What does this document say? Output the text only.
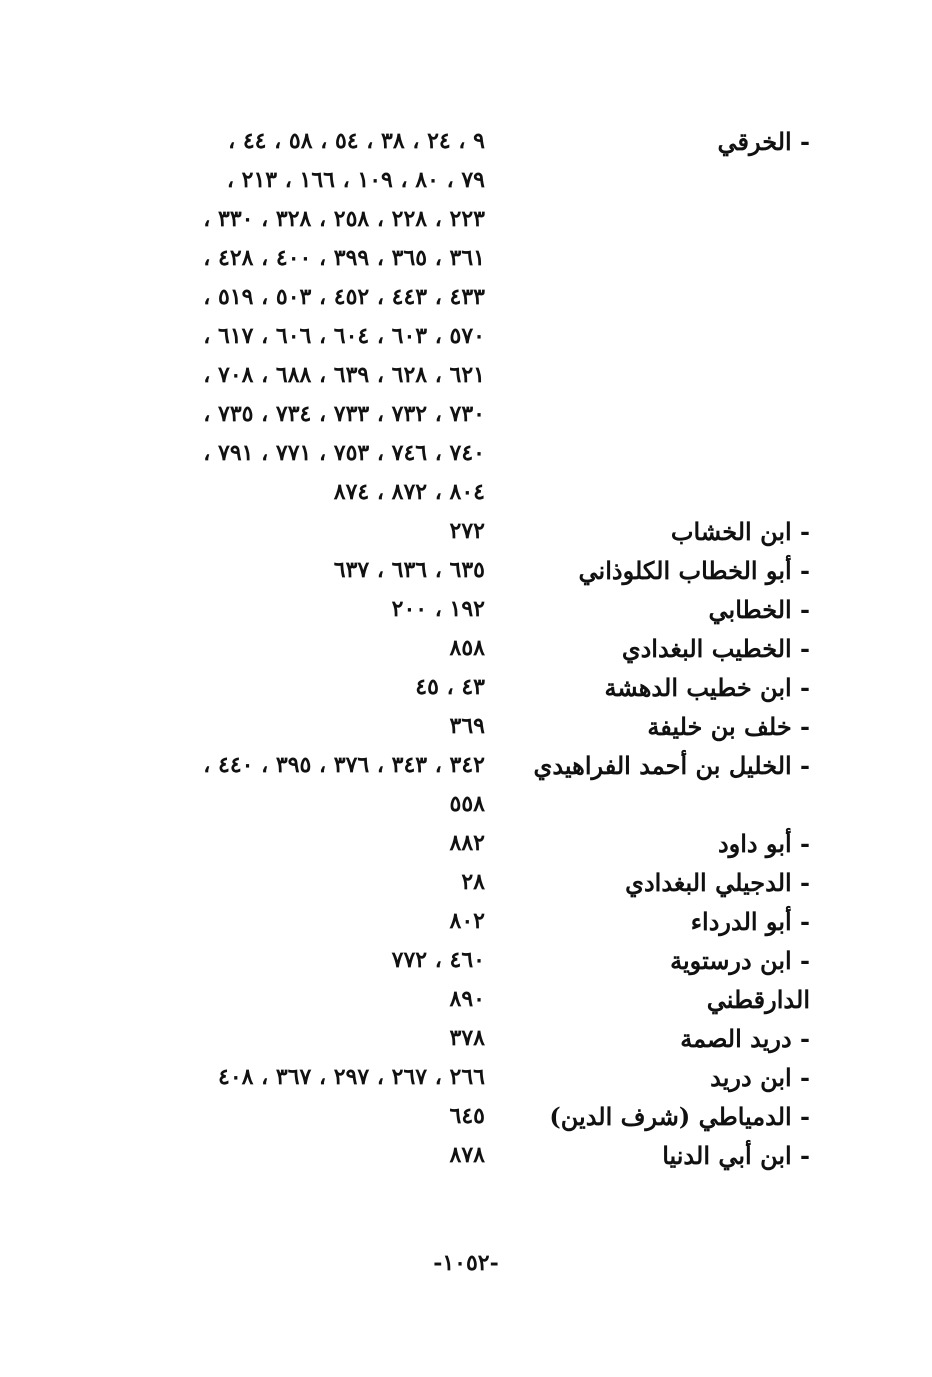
- الخرقي
٩ ، ٢٤ ، ٣٨ ، ٥٤ ، ٥٨ ، ٤٤ ،
٧٩ ، ٨٠ ، ١٠٩ ، ١٦٦ ، ٢١٣ ،
٢٢٣ ، ٢٢٨ ، ٢٥٨ ، ٣٢٨ ، ٣٣٠ ،
٣٦١ ، ٣٦٥ ، ٣٩٩ ، ٤٠٠ ، ٤٢٨ ،
٤٣٣ ، ٤٤٣ ، ٤٥٢ ، ٥٠٣ ، ٥١٩ ،
٥٧٠ ، ٦٠٣ ، ٦٠٤ ، ٦٠٦ ، ٦١٧ ،
٦٢١ ، ٦٢٨ ، ٦٣٩ ، ٦٨٨ ، ٧٠٨ ،
٧٣٠ ، ٧٣٢ ، ٧٣٣ ، ٧٣٤ ، ٧٣٥ ،
٧٤٠ ، ٧٤٦ ، ٧٥٣ ، ٧٧١ ، ٧٩١ ،
٨٠٤ ، ٨٧٢ ، ٨٧٤
- ابن الخشاب
٢٧٢
- أبو الخطاب الكلوذاني
٦٣٥ ، ٦٣٦ ، ٦٣٧
- الخطابي
١٩٢ ، ٢٠٠
- الخطيب البغدادي
٨٥٨
- ابن خطيب الدهشة
٤٣ ، ٤٥
- خلف بن خليفة
٣٦٩
- الخليل بن أحمد الفراهيدي
٣٤٢ ، ٣٤٣ ، ٣٧٦ ، ٣٩٥ ، ٤٤٠ ،
٥٥٨
- أبو داود
٨٨٢
- الدجيلي البغدادي
٢٨
- أبو الدرداء
٨٠٢
- ابن درستوية
٤٦٠ ، ٧٧٢
الدارقطني
٨٩٠
- دريد الصمة
٣٧٨
- ابن دريد
٢٦٦ ، ٢٦٧ ، ٢٩٧ ، ٣٦٧ ، ٤٠٨
- الدمياطي (شرف الدين)
٦٤٥
- ابن أبي الدنيا
٨٧٨
-١٠٥٢-
